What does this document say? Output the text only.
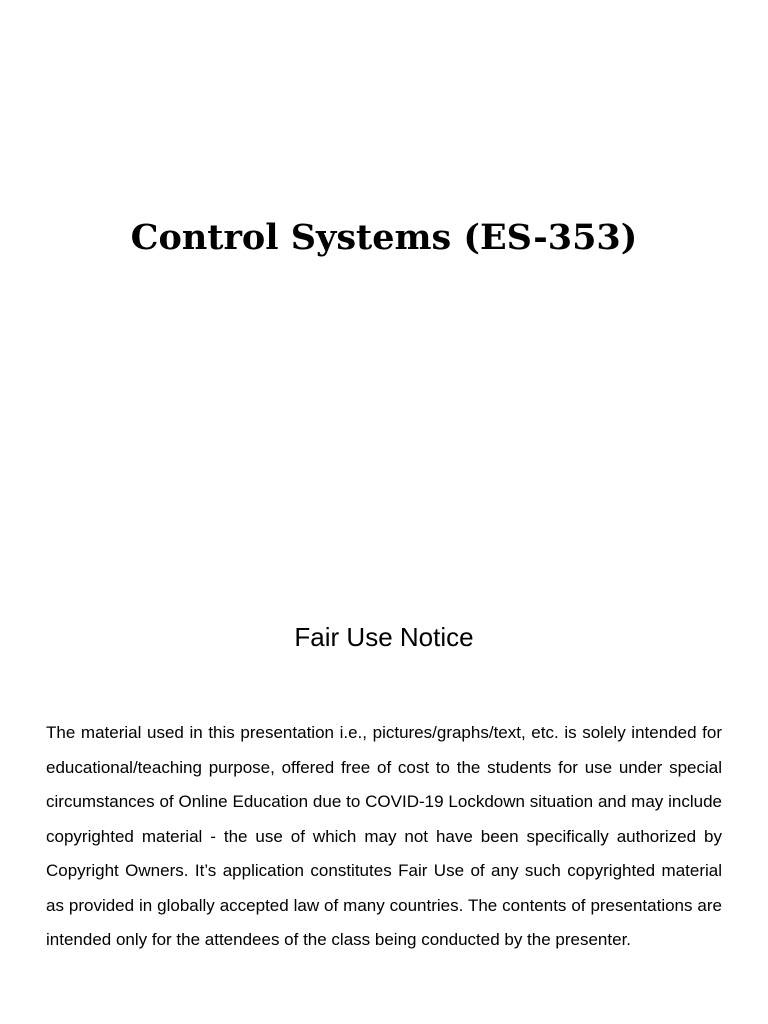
Control Systems (ES-353)
Fair Use Notice

The material used in this presentation i.e., pictures/graphs/text, etc. is solely intended for educational/teaching purpose, offered free of cost to the students for use under special circumstances of Online Education due to COVID-19 Lockdown situation and may include copyrighted material - the use of which may not have been specifically authorized by Copyright Owners. It’s application constitutes Fair Use of any such copyrighted material as provided in globally accepted law of many countries. The contents of presentations are intended only for the attendees of the class being conducted by the presenter.
